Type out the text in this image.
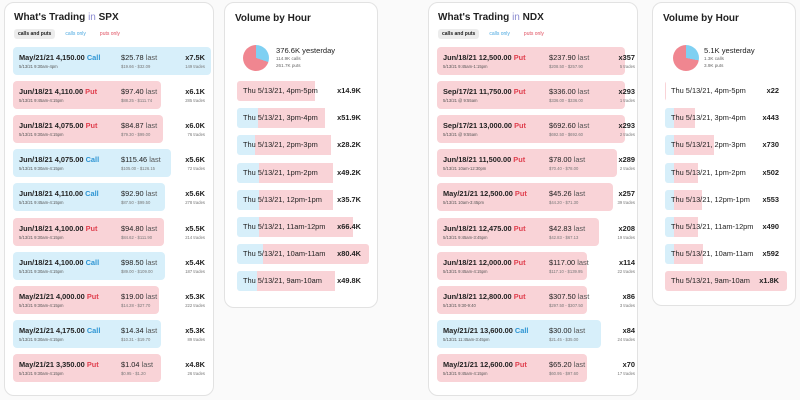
What's Trading in SPX
calls and puts	calls only	puts only
May/21/21 4,150.00 Call
5/13/21 9:30am-4pm
$25.78 last
$19.66 - $32.09
x7.5K
149 trades
Jun/18/21 4,110.00 Put
5/13/21 9:45am-4:15pm
$97.40 last
$88.25 - $111.74
x6.1K
285 trades
Jun/18/21 4,075.00 Put
5/13/21 9:30am-4:15pm
$84.87 last
$79.30 - $99.00
x6.0K
76 trades
Jun/18/21 4,075.00 Call
5/13/21 9:30am-4:15pm
$115.46 last
$105.00 - $126.15
x5.6K
72 trades
Jun/18/21 4,110.00 Call
5/13/21 9:45am-4:15pm
$92.90 last
$87.50 - $99.50
x5.6K
278 trades
Jun/18/21 4,100.00 Put
5/13/21 9:30am-4:15pm
$94.80 last
$84.62 - $111.90
x5.5K
214 trades
Jun/18/21 4,100.00 Call
5/13/21 9:30am-4:15pm
$98.50 last
$89.00 - $109.00
x5.4K
187 trades
May/21/21 4,000.00 Put
5/13/21 9:30am-4:15pm
$19.00 last
$14.28 - $27.70
x5.3K
222 trades
May/21/21 4,175.00 Call
5/13/21 9:30am-4:15pm
$14.34 last
$10.31 - $19.70
x5.3K
89 trades
May/21/21 3,350.00 Put
5/13/21 9:30am-4:15pm
$1.04 last
$0.95 - $1.20
x4.8K
26 trades
Volume by Hour
376.6K yesterday
114.9K calls
261.7K puts
Thu 5/13/21, 4pm-5pm	x14.9K
Thu 5/13/21, 3pm-4pm	x51.9K
Thu 5/13/21, 2pm-3pm	x28.2K
Thu 5/13/21, 1pm-2pm	x49.2K
Thu 5/13/21, 12pm-1pm x35.7K
Thu 5/13/21, 11am-12pm x66.4K
Thu 5/13/21, 10am-11am x80.4K
Thu 5/13/21, 9am-10am x49.8K
What's Trading in NDX
calls and puts	calls only	puts only
Jun/18/21 12,500.00 Put
5/13/21 9:45am-1:15pm
$237.90 last
$208.50 - $257.90
x357
5 trades
Sep/17/21 11,750.00 Put
5/13/21 @ 9:55am
$336.00 last
$336.00 - $336.00
x293
1 trades
Sep/17/21 13,000.00 Put
5/13/21 @ 9:55am
$692.60 last
$692.50 - $692.60
x293
2 trades
Jun/18/21 11,500.00 Put
5/13/21 10am-12:30pm
$78.00 last
$70.40 - $78.00
x289
2 trades
May/21/21 12,500.00 Put
5/13/21 10am-3:45pm
$45.26 last
$44.20 - $71.30
x257
39 trades
Jun/18/21 12,475.00 Put
5/13/21 9:45am-3:45pm
$42.83 last
$42.83 - $67.13
x208
19 trades
Jun/18/21 12,000.00 Put
5/13/21 9:45am-4:15pm
$117.00 last
$117.10 - $139.95
x114
22 trades
Jun/18/21 12,800.00 Put
5/13/21 9:30-9:40
$307.50 last
$297.50 - $307.50
x86
3 trades
May/21/21 13,600.00 Call
5/13/21 11:45am-3:45pm
$30.00 last
$21.45 - $35.00
x84
24 trades
May/21/21 12,600.00 Put
5/13/21 9:45am-4:15pm
$65.20 last
$60.95 - $97.60
x70
17 trades
Volume by Hour
5.1K yesterday
1.3K calls
3.9K puts
Thu 5/13/21, 4pm-5pm	x22
Thu 5/13/21, 3pm-4pm x443
Thu 5/13/21, 2pm-3pm x730
Thu 5/13/21, 1pm-2pm x502
Thu 5/13/21, 12pm-1pm x553
Thu 5/13/21, 11am-12pm x490
Thu 5/13/21, 10am-11am x592
Thu 5/13/21, 9am-10am x1.8K
